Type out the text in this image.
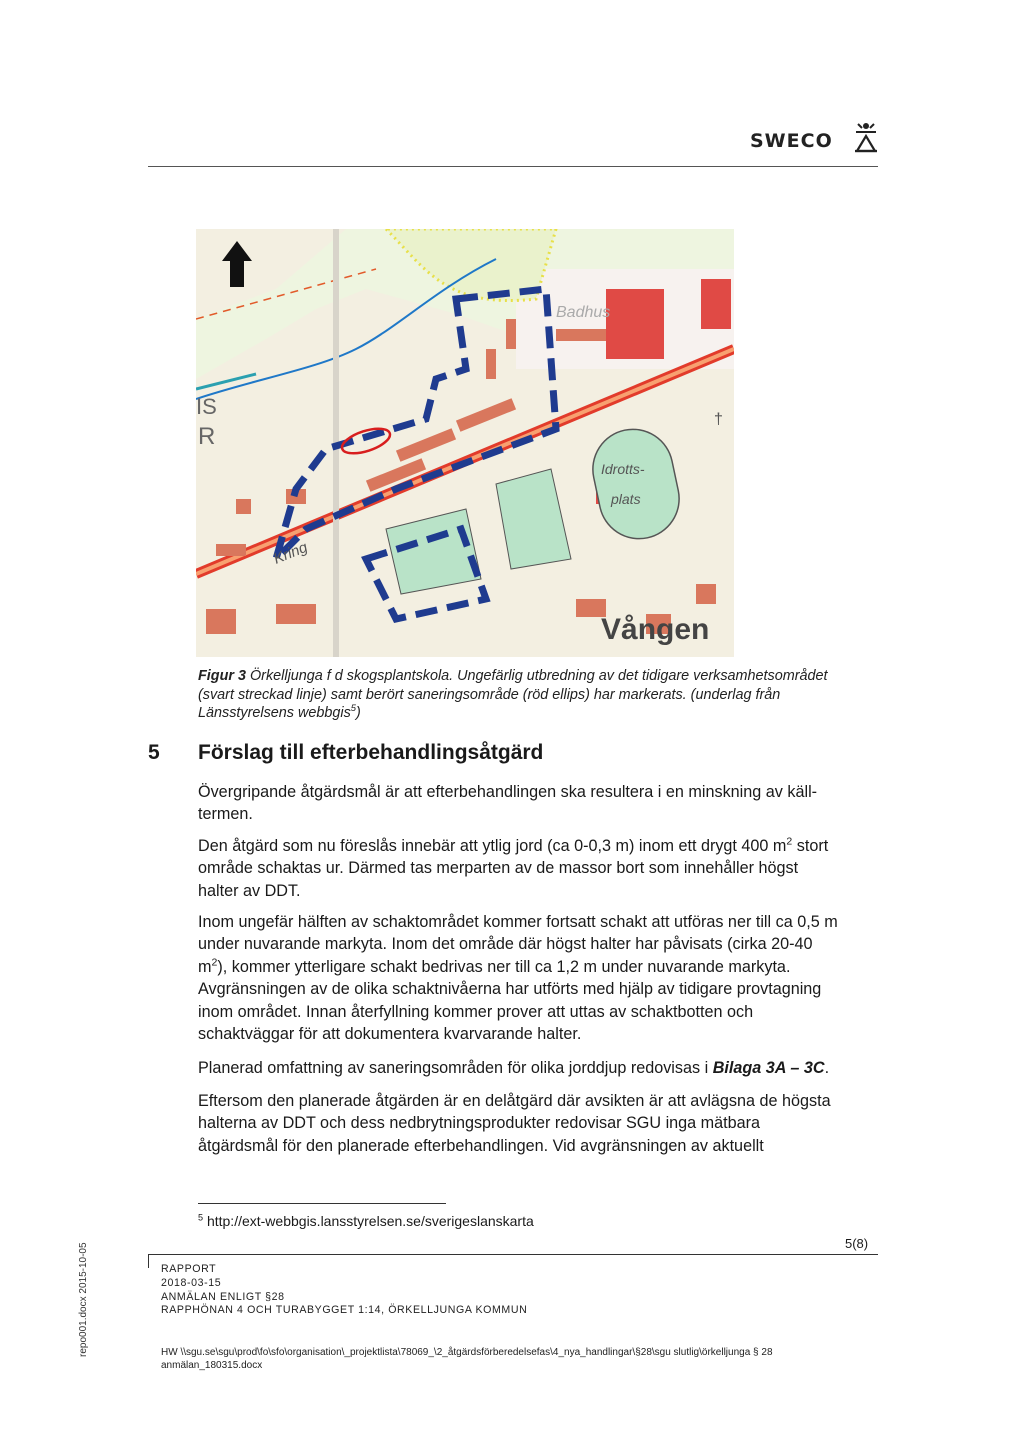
SWECO
Badhus
Idrotts-
plats
Vången
IS
R
†
Kring
Figur 3 Örkelljunga f d skogsplantskola. Ungefärlig utbredning av det tidigare verksamhetsområdet
(svart streckad linje) samt berört saneringsområde (röd ellips) har markerats. (underlag från
Länsstyrelsens webbgis$^5$)
5 Förslag till efterbehandlingsåtgärd
Övergripande åtgärdsmål är att efterbehandlingen ska resultera i en minskning av käll-
termen.
Den åtgärd som nu föreslås innebär att ytlig jord (ca 0-0,3 m) inom ett drygt 400 $m^2$ stort
område schaktas ur. Därmed tas merparten av de massor bort som innehåller högst
halter av DDT.
Inom ungefär hälften av schaktområdet kommer fortsatt schakt att utföras ner till ca 0,5 m
under nuvarande markyta. Inom det område där högst halter har påvisats (cirka 20-40
$m^2$), kommer ytterligare schakt bedrivas ner till ca 1,2 m under nuvarande markyta.
Avgränsningen av de olika schaktnivåerna har utförts med hjälp av tidigare provtagning
inom området. Innan återfyllning kommer prover att uttas av schaktbotten och
schaktväggar för att dokumentera kvarvarande halter.
Planerad omfattning av saneringsområden för olika jorddjup redovisas i Bilaga 3A – 3C.
Eftersom den planerade åtgärden är en delåtgärd där avsikten är att avlägsna de högsta
halterna av DDT och dess nedbrytningsprodukter redovisar SGU inga mätbara
åtgärdsmål för den planerade efterbehandlingen. Vid avgränsningen av aktuellt
$^5$ http://ext-webbgis.lansstyrelsen.se/sverigeslanskarta
5(8)
RAPPORT
2018-03-15
ANMÄLAN ENLIGT §28
RAPPHÖNAN 4 OCH TURABYGGET 1:14, ÖRKELLJUNGA KOMMUN
HW \\sgu.se\sgu\prod\fo\sfo\organisation\_projektlista\78069_\2_åtgärdsförberedelsefas\4_nya_handlingar\§28\sgu slutlig\örkelljunga § 28
anmälan_180315.docx
repo001.docx 2015-10-05
